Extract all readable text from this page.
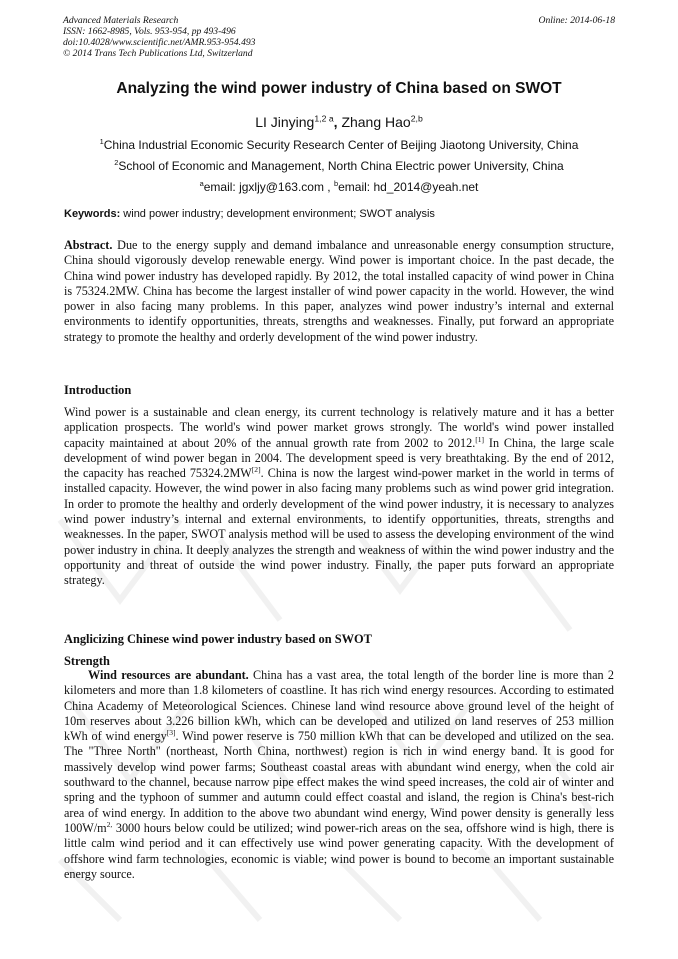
Advanced Materials Research
ISSN: 1662-8985, Vols. 953-954, pp 493-496
doi:10.4028/www.scientific.net/AMR.953-954.493
© 2014 Trans Tech Publications Ltd, Switzerland
Online: 2014-06-18
Analyzing the wind power industry of China based on SWOT
LI Jinying$^{1,2 a}$, Zhang Hao$^{2,b}$
$^1$China Industrial Economic Security Research Center of Beijing Jiaotong University, China
$^2$School of Economic and Management, North China Electric power University, China
$^a$email: jgxljy@163.com , $^b$email: hd_2014@yeah.net
Keywords: wind power industry; development environment; SWOT analysis
Abstract. Due to the energy supply and demand imbalance and unreasonable energy consumption structure, China should vigorously develop renewable energy. Wind power is important choice. In the past decade, the China wind power industry has developed rapidly. By 2012, the total installed capacity of wind power in China is 75324.2MW. China has become the largest installer of wind power capacity in the world. However, the wind power in also facing many problems. In this paper, analyzes wind power industry’s internal and external environments to identify opportunities, threats, strengths and weaknesses. Finally, put forward an appropriate strategy to promote the healthy and orderly development of the wind power industry.
Introduction
Wind power is a sustainable and clean energy, its current technology is relatively mature and it has a better application prospects. The world's wind power market grows strongly. The world's wind power installed capacity maintained at about 20% of the annual growth rate from 2002 to 2012.[1] In China, the large scale development of wind power began in 2004. The development speed is very breathtaking. By the end of 2012, the capacity has reached 75324.2MW[2]. China is now the largest wind-power market in the world in terms of installed capacity. However, the wind power in also facing many problems such as wind power grid integration. In order to promote the healthy and orderly development of the wind power industry, it is necessary to analyzes wind power industry’s internal and external environments, to identify opportunities, threats, strengths and weaknesses. In the paper, SWOT analysis method will be used to assess the developing environment of the wind power industry in china. It deeply analyzes the strength and weakness of within the wind power industry and the opportunity and threat of outside the wind power industry. Finally, the paper puts forward an appropriate strategy.
Anglicizing Chinese wind power industry based on SWOT
Strength
Wind resources are abundant. China has a vast area, the total length of the border line is more than 2 kilometers and more than 1.8 kilometers of coastline. It has rich wind energy resources. According to estimated China Academy of Meteorological Sciences. Chinese land wind resource above ground level of the height of 10m reserves about 3.226 billion kWh, which can be developed and utilized on land reserves of 253 million kWh of wind energy[3]. Wind power reserve is 750 million kWh that can be developed and utilized on the sea. The "Three North" (northeast, North China, northwest) region is rich in wind energy band. It is good for massively develop wind power farms; Southeast coastal areas with abundant wind energy, when the cold air southward to the channel, because narrow pipe effect makes the wind speed increases, the cold air of winter and spring and the typhoon of summer and autumn could effect coastal and island, the region is China's best-rich area of wind energy. In addition to the above two abundant wind energy, Wind power density is generally less $100W/m^{2,}$ 3000 hours below could be utilized; wind power-rich areas on the sea, offshore wind is high, there is little calm wind period and it can effectively use wind power generating capacity. With the development of offshore wind farm technologies, economic is viable; wind power is bound to become an important sustainable energy source.
